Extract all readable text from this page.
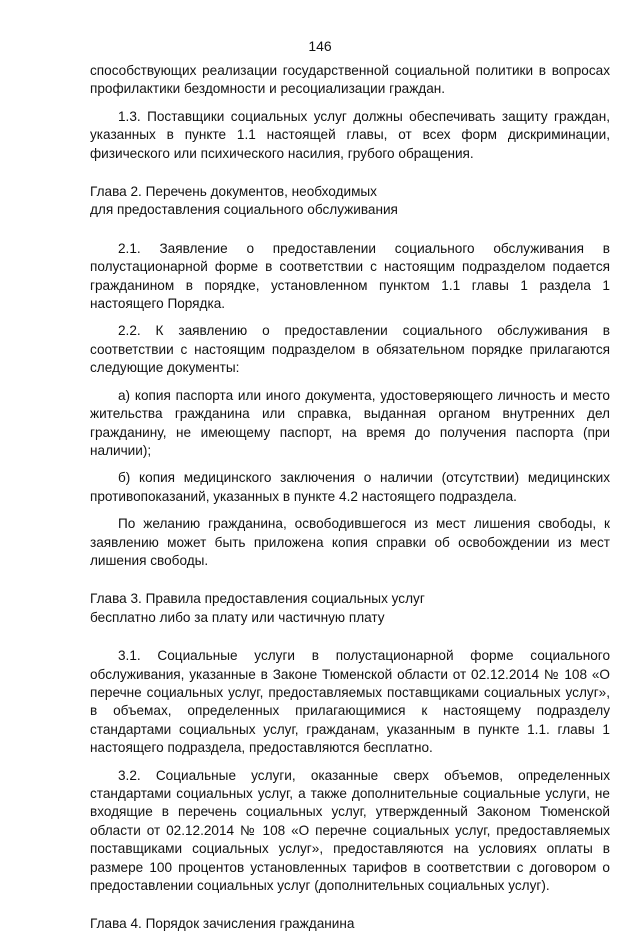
146

способствующих реализации государственной социальной политики в вопросах профилактики бездомности и ресоциализации граждан.

1.3. Поставщики социальных услуг должны обеспечивать защиту граждан, указанных в пункте 1.1 настоящей главы, от всех форм дискриминации, физического или психического насилия, грубого обращения.

Глава 2. Перечень документов, необходимых

для предоставления социального обслуживания

2.1. Заявление о предоставлении социального обслуживания в полустационарной форме в соответствии с настоящим подразделом подается гражданином в порядке, установленном пунктом 1.1 главы 1 раздела 1 настоящего Порядка.

2.2. К заявлению о предоставлении социального обслуживания в соответствии с настоящим подразделом в обязательном порядке прилагаются следующие документы:

а) копия паспорта или иного документа, удостоверяющего личность и место жительства гражданина или справка, выданная органом внутренних дел гражданину, не имеющему паспорт, на время до получения паспорта (при наличии);

б) копия медицинского заключения о наличии (отсутствии) медицинских противопоказаний, указанных в пункте 4.2 настоящего подраздела.

По желанию гражданина, освободившегося из мест лишения свободы, к заявлению может быть приложена копия справки об освобождении из мест лишения свободы.

Глава 3. Правила предоставления социальных услуг

бесплатно либо за плату или частичную плату

3.1. Социальные услуги в полустационарной форме социального обслуживания, указанные в Законе Тюменской области от 02.12.2014 № 108 «О перечне социальных услуг, предоставляемых поставщиками социальных услуг», в объемах, определенных прилагающимися к настоящему подразделу стандартами социальных услуг, гражданам, указанным в пункте 1.1. главы 1 настоящего подраздела, предоставляются бесплатно.

3.2. Социальные услуги, оказанные сверх объемов, определенных стандартами социальных услуг, а также дополнительные социальные услуги, не входящие в перечень социальных услуг, утвержденный Законом Тюменской области от 02.12.2014 № 108 «О перечне социальных услуг, предоставляемых поставщиками социальных услуг», предоставляются на условиях оплаты в размере 100 процентов установленных тарифов в соответствии с договором о предоставлении социальных услуг (дополнительных социальных услуг).

Глава 4. Порядок зачисления гражданина
